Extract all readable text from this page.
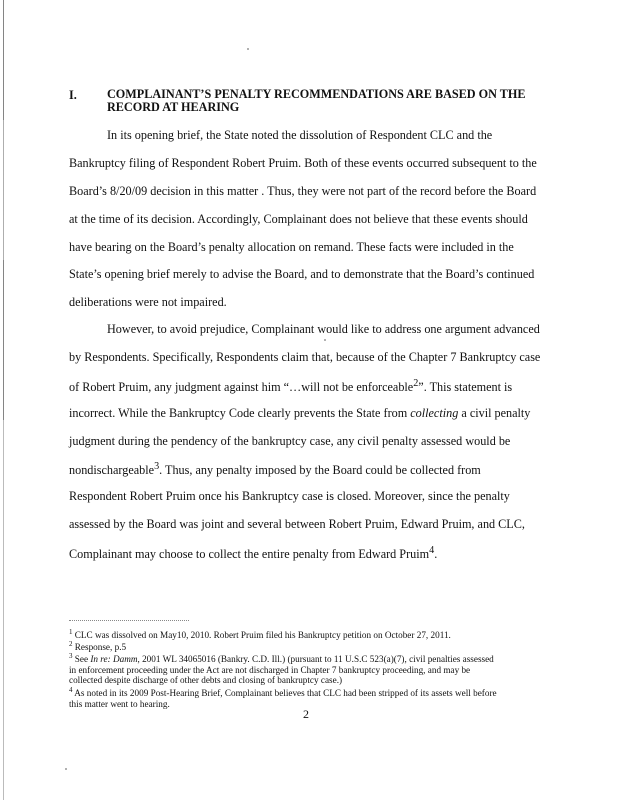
I. COMPLAINANT’S PENALTY RECOMMENDATIONS ARE BASED ON THE
RECORD AT HEARING
In its opening brief, the State noted the dissolution of Respondent CLC and the
Bankruptcy filing of Respondent Robert Pruim. Both of these events occurred subsequent to the
Board’s 8/20/09 decision in this matter . Thus, they were not part of the record before the Board
at the time of its decision. Accordingly, Complainant does not believe that these events should
have bearing on the Board’s penalty allocation on remand. These facts were included in the
State’s opening brief merely to advise the Board, and to demonstrate that the Board’s continued
deliberations were not impaired.
However, to avoid prejudice, Complainant would like to address one argument advanced
by Respondents. Specifically, Respondents claim that, because of the Chapter 7 Bankruptcy case
of Robert Pruim, any judgment against him “…will not be enforceable$^2$”. This statement is
incorrect. While the Bankruptcy Code clearly prevents the State from collecting a civil penalty
judgment during the pendency of the bankruptcy case, any civil penalty assessed would be
nondischargeable$^3$. Thus, any penalty imposed by the Board could be collected from
Respondent Robert Pruim once his Bankruptcy case is closed. Moreover, since the penalty
assessed by the Board was joint and several between Robert Pruim, Edward Pruim, and CLC,
Complainant may choose to collect the entire penalty from Edward Pruim$^4$.
$^1$ CLC was dissolved on May10, 2010. Robert Pruim filed his Bankruptcy petition on October 27, 2011.
$^2$ Response, p.5
$^3$ See In re: Damm, 2001 WL 34065016 (Bankry. C.D. Ill.) (pursuant to 11 U.S.C 523(a)(7), civil penalties assessed
in enforcement proceeding under the Act are not discharged in Chapter 7 bankruptcy proceeding, and may be
collected despite discharge of other debts and closing of bankruptcy case.)
$^4$ As noted in its 2009 Post-Hearing Brief, Complainant believes that CLC had been stripped of its assets well before
this matter went to hearing.
2
